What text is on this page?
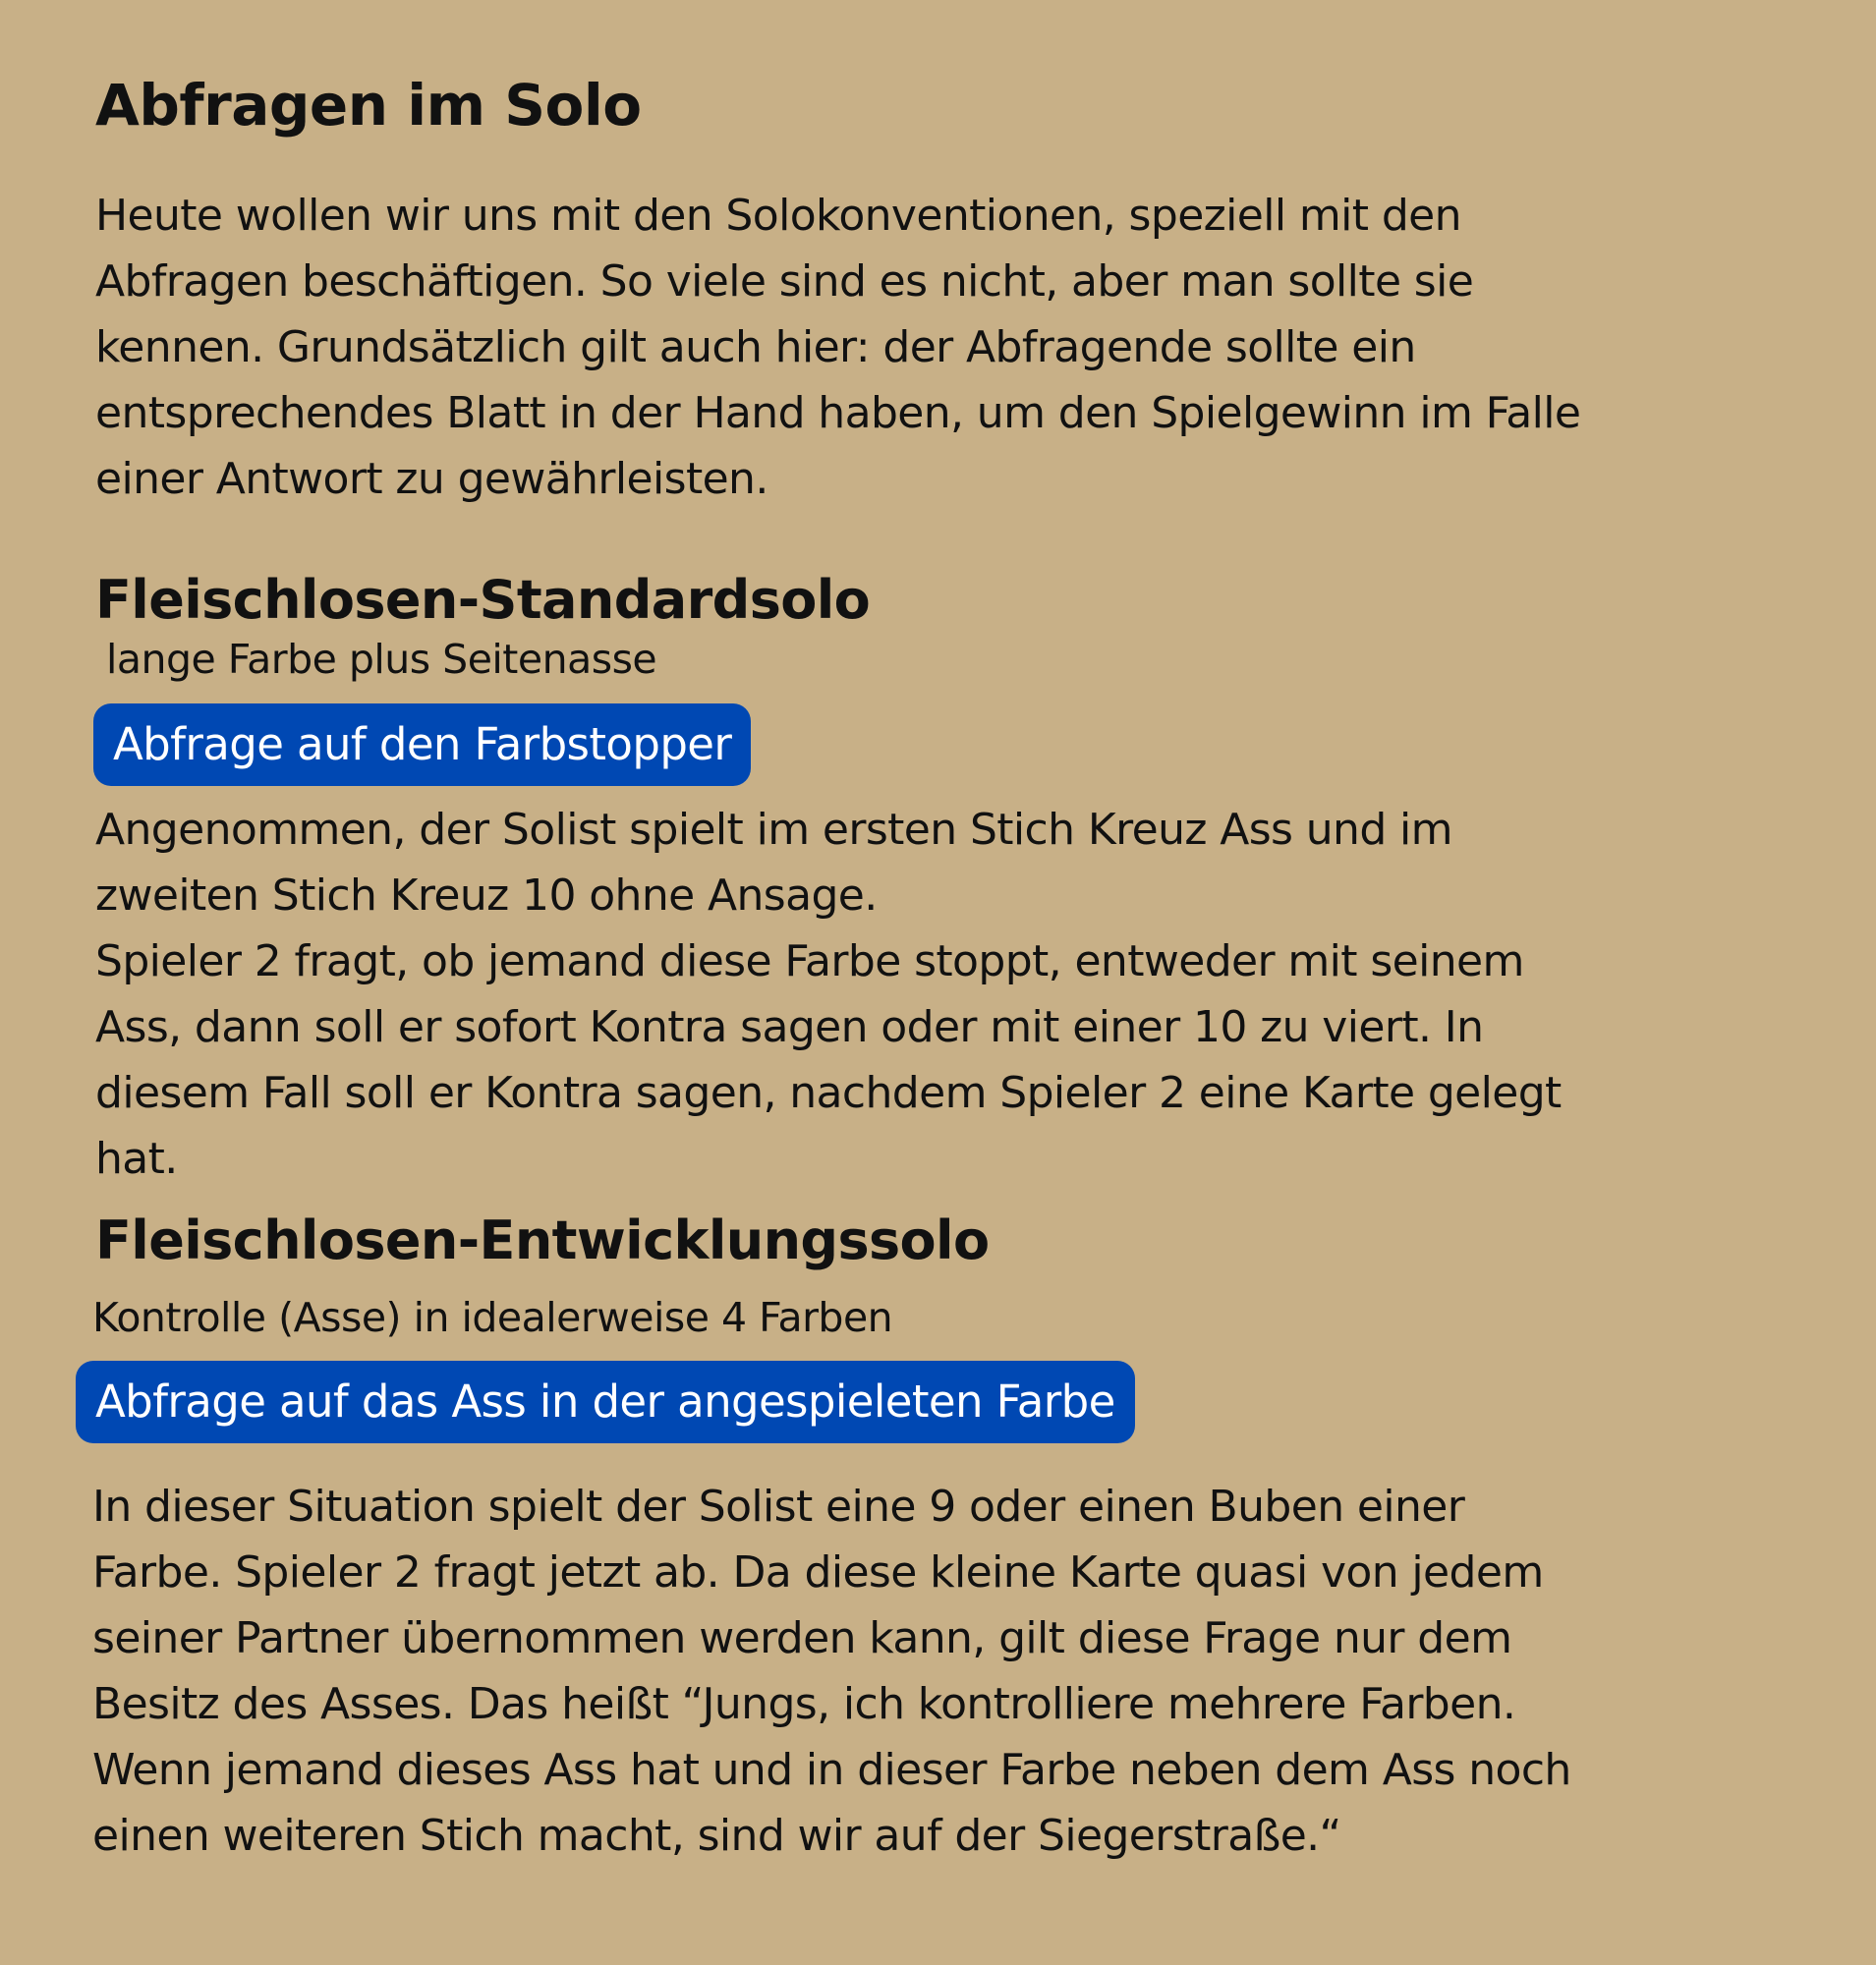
Abfragen im Solo

Heute wollen wir uns mit den Solokonventionen, speziell mit den
Abfragen beschäftigen. So viele sind es nicht, aber man sollte sie
kennen. Grundsätzlich gilt auch hier: der Abfragende sollte ein
entsprechendes Blatt in der Hand haben, um den Spielgewinn im Falle
einer Antwort zu gewährleisten.

Fleischlosen-Standardsolo
lange Farbe plus Seitenasse
Abfrage auf den Farbstopper

Angenommen, der Solist spielt im ersten Stich Kreuz Ass und im
zweiten Stich Kreuz 10 ohne Ansage.
Spieler 2 fragt, ob jemand diese Farbe stoppt, entweder mit seinem
Ass, dann soll er sofort Kontra sagen oder mit einer 10 zu viert. In
diesem Fall soll er Kontra sagen, nachdem Spieler 2 eine Karte gelegt
hat.

Fleischlosen-Entwicklungssolo
Kontrolle (Asse) in idealerweise 4 Farben
Abfrage auf das Ass in der angespieleten Farbe

In dieser Situation spielt der Solist eine 9 oder einen Buben einer
Farbe. Spieler 2 fragt jetzt ab. Da diese kleine Karte quasi von jedem
seiner Partner übernommen werden kann, gilt diese Frage nur dem
Besitz des Asses. Das heißt “Jungs, ich kontrolliere mehrere Farben.
Wenn jemand dieses Ass hat und in dieser Farbe neben dem Ass noch
einen weiteren Stich macht, sind wir auf der Siegerstraße.“
